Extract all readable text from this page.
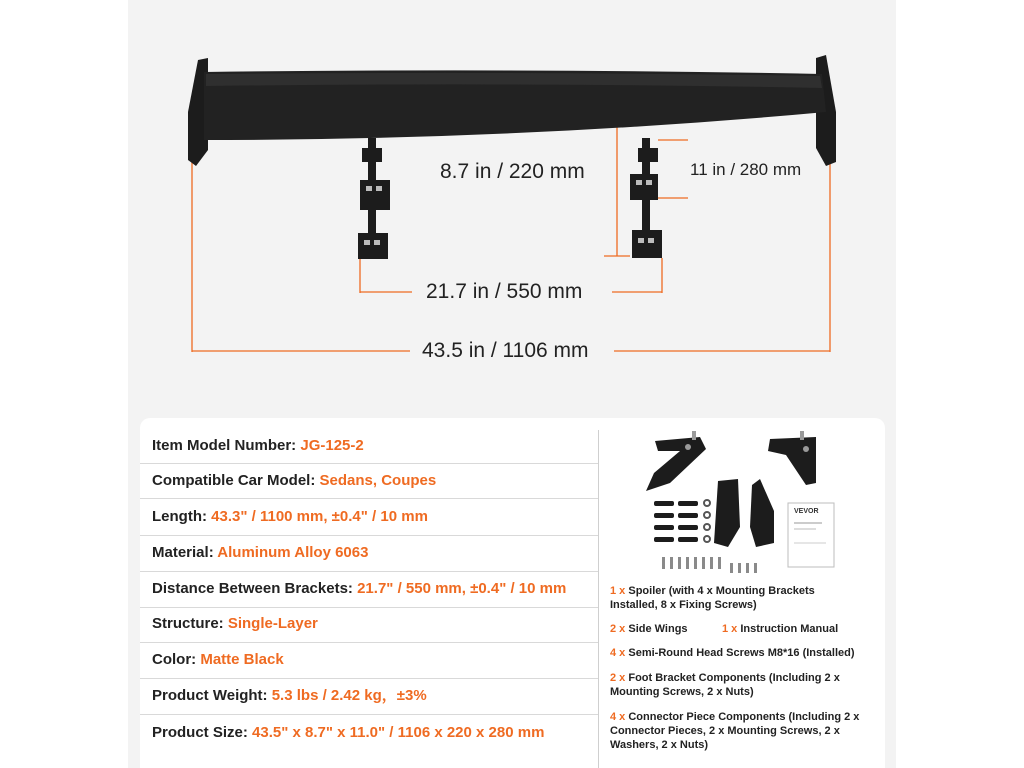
8.7 in / 220 mm	11 in / 280 mm
21.7 in / 550 mm
43.5 in / 1106 mm
Item Model Number: JG-125-2
Compatible Car Model: Sedans, Coupes
Length: 43.3" / 1100 mm, ±0.4" / 10 mm
Material: Aluminum Alloy 6063
Distance Between Brackets: 21.7" / 550 mm, ±0.4" / 10 mm
Structure: Single-Layer
Color: Matte Black
Product Weight: 5.3 lbs / 2.42 kg，±3%
Product Size: 43.5" x 8.7" x 11.0" / 1106 x 220 x 280 mm
VEVOR
1 x Spoiler (with 4 x Mounting Brackets Installed, 8 x Fixing Screws)
2 x Side Wings	1 x Instruction Manual
4 x Semi-Round Head Screws M8*16 (Installed)
2 x Foot Bracket Components (Including 2 x Mounting Screws, 2 x Nuts)
4 x Connector Piece Components (Including 2 x Connector Pieces, 2 x Mounting Screws, 2 x Washers, 2 x Nuts)
